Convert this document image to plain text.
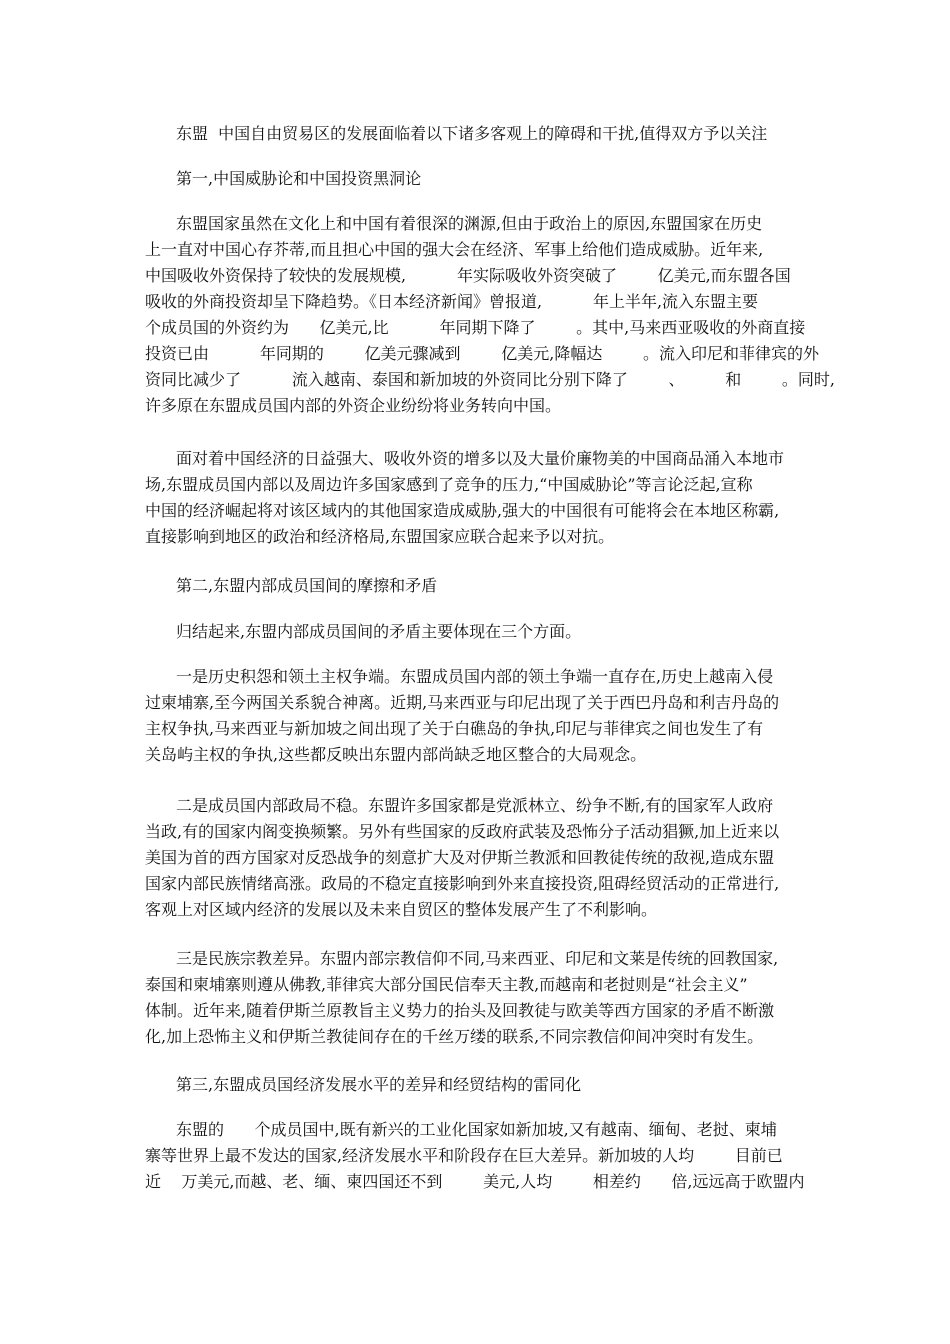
东盟  中国自由贸易区的发展面临着以下诸多客观上的障碍和干扰,值得双方予以关注

第一,中国威胁论和中国投资黑洞论

东盟国家虽然在文化上和中国有着很深的渊源,但由于政治上的原因,东盟国家在历史

上一直对中国心存芥蒂,而且担心中国的强大会在经济、军事上给他们造成威胁。近年来,

中国吸收外资保持了较快的发展规模,          年实际吸收外资突破了        亿美元,而东盟各国

吸收的外商投资却呈下降趋势。《日本经济新闻》曾报道,          年上半年,流入东盟主要

个成员国的外资约为      亿美元,比          年同期下降了        。其中,马来西亚吸收的外商直接

投资已由          年同期的        亿美元骤减到        亿美元,降幅达        。流入印尼和菲律宾的外

资同比减少了          流入越南、泰国和新加坡的外资同比分别下降了        、        和        。同时,

许多原在东盟成员国内部的外资企业纷纷将业务转向中国。

面对着中国经济的日益强大、吸收外资的增多以及大量价廉物美的中国商品涌入本地市

场,东盟成员国内部以及周边许多国家感到了竞争的压力,“中国威胁论”等言论泛起,宣称

中国的经济崛起将对该区域内的其他国家造成威胁,强大的中国很有可能将会在本地区称霸,

直接影响到地区的政治和经济格局,东盟国家应联合起来予以对抗。

第二,东盟内部成员国间的摩擦和矛盾

归结起来,东盟内部成员国间的矛盾主要体现在三个方面。

一是历史积怨和领土主权争端。东盟成员国内部的领土争端一直存在,历史上越南入侵

过柬埔寨,至今两国关系貌合神离。近期,马来西亚与印尼出现了关于西巴丹岛和利吉丹岛的

主权争执,马来西亚与新加坡之间出现了关于白礁岛的争执,印尼与菲律宾之间也发生了有

关岛屿主权的争执,这些都反映出东盟内部尚缺乏地区整合的大局观念。

二是成员国内部政局不稳。东盟许多国家都是党派林立、纷争不断,有的国家军人政府

当政,有的国家内阁变换频繁。另外有些国家的反政府武装及恐怖分子活动猖獗,加上近来以

美国为首的西方国家对反恐战争的刻意扩大及对伊斯兰教派和回教徒传统的敌视,造成东盟

国家内部民族情绪高涨。政局的不稳定直接影响到外来直接投资,阻碍经贸活动的正常进行,

客观上对区域内经济的发展以及未来自贸区的整体发展产生了不利影响。

三是民族宗教差异。东盟内部宗教信仰不同,马来西亚、印尼和文莱是传统的回教国家,

泰国和柬埔寨则遵从佛教,菲律宾大部分国民信奉天主教,而越南和老挝则是“社会主义”

体制。近年来,随着伊斯兰原教旨主义势力的抬头及回教徒与欧美等西方国家的矛盾不断激

化,加上恐怖主义和伊斯兰教徒间存在的千丝万缕的联系,不同宗教信仰间冲突时有发生。

第三,东盟成员国经济发展水平的差异和经贸结构的雷同化

东盟的      个成员国中,既有新兴的工业化国家如新加坡,又有越南、缅甸、老挝、柬埔

寨等世界上最不发达的国家,经济发展水平和阶段存在巨大差异。新加坡的人均        目前已

近    万美元,而越、老、缅、柬四国还不到        美元,人均        相差约      倍,远远高于欧盟内
